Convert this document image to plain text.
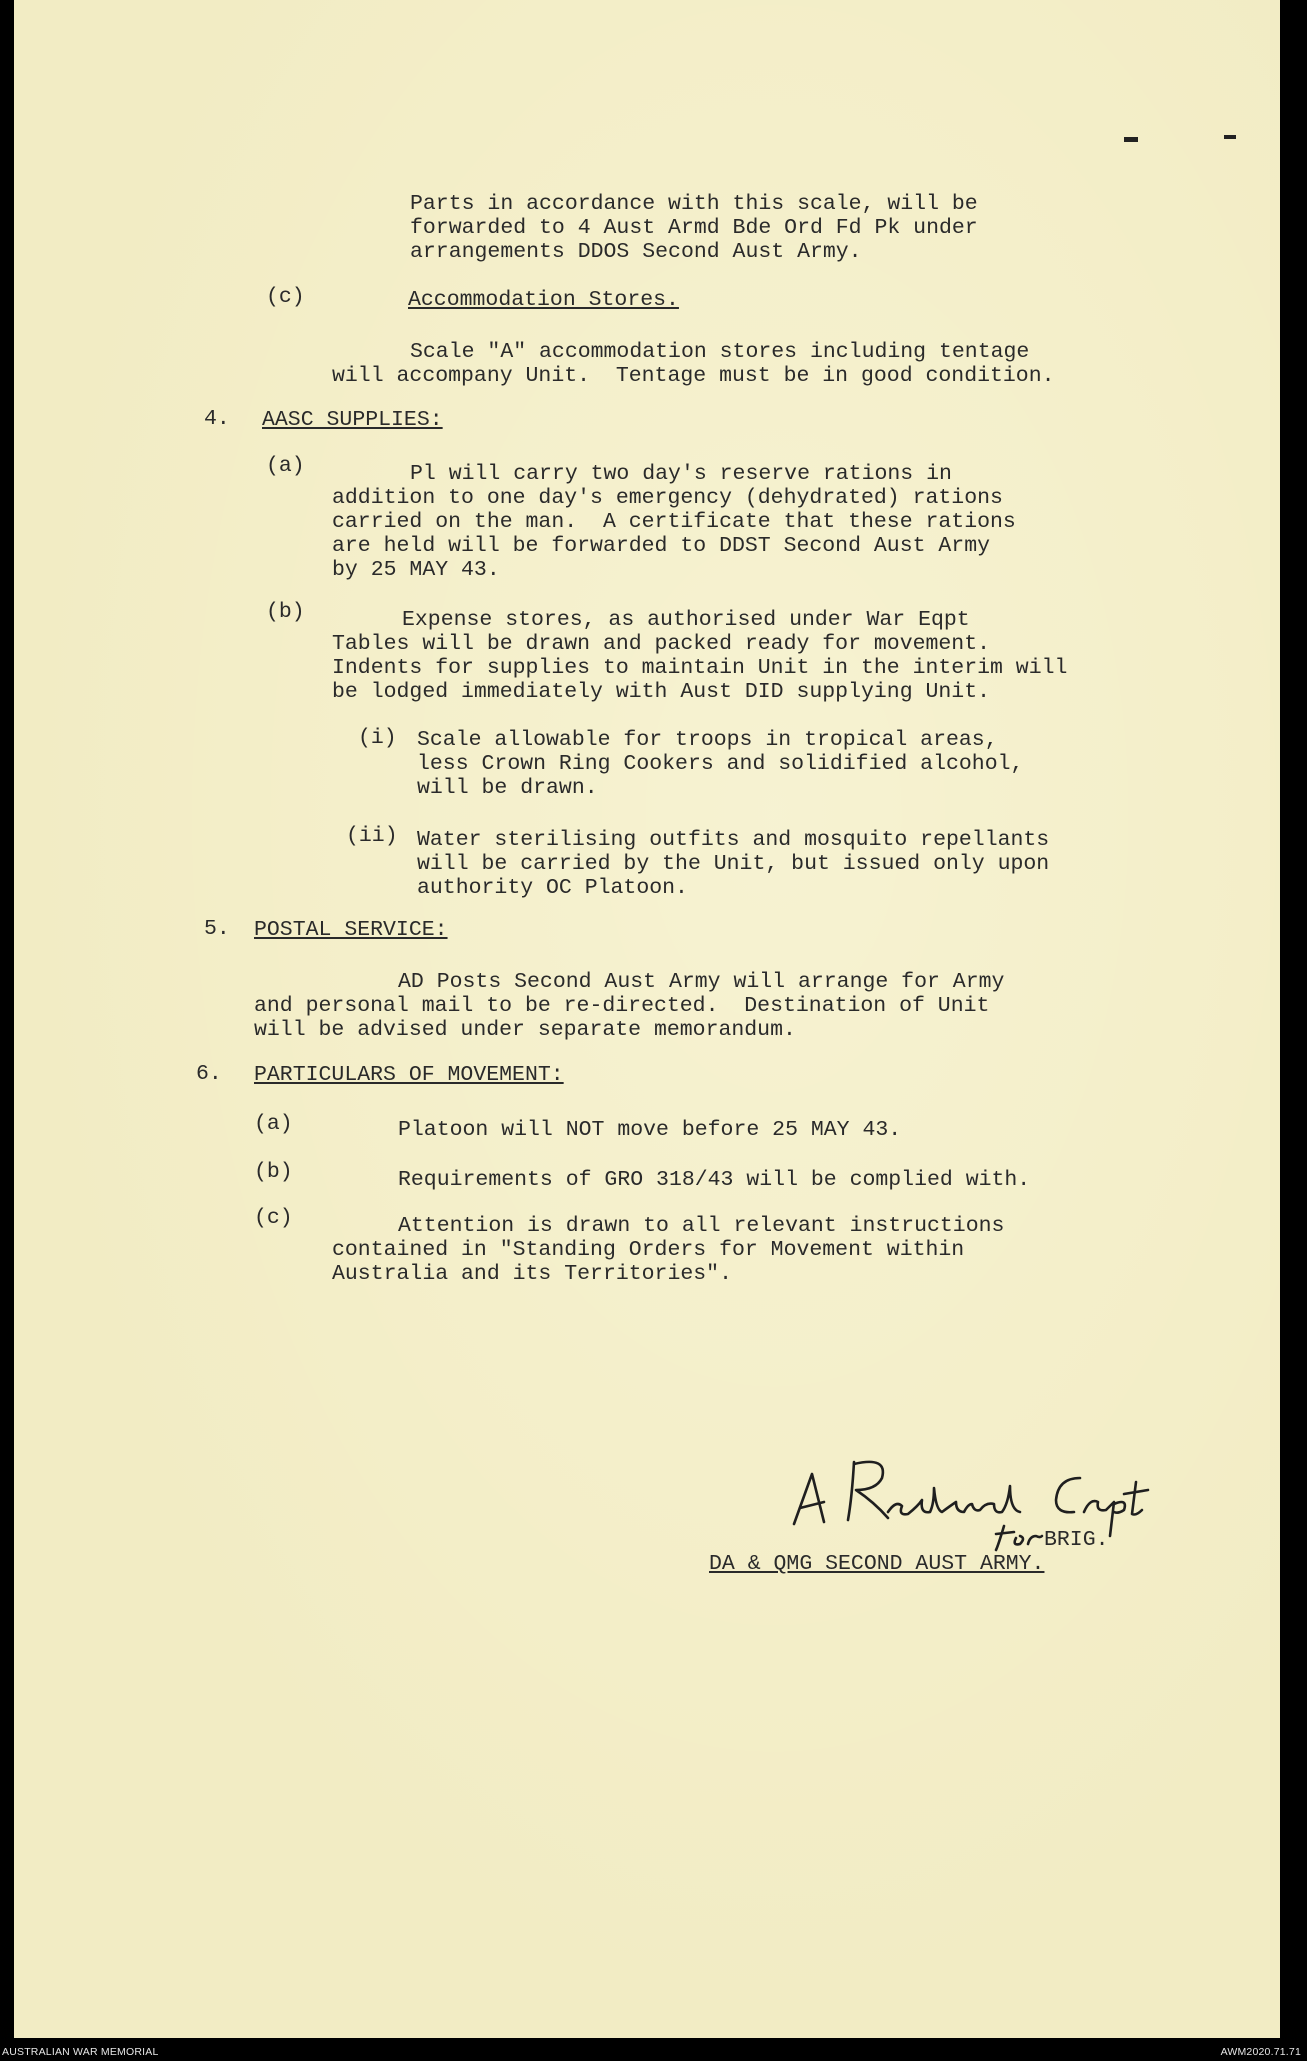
Parts in accordance with this scale, will be
forwarded to 4 Aust Armd Bde Ord Fd Pk under
arrangements DDOS Second Aust Army.
(c)	Accommodation Stores.
Scale "A" accommodation stores including tentage
will accompany Unit.  Tentage must be in good condition.
4. AASC SUPPLIES:
(a)	Pl will carry two day's reserve rations in
addition to one day's emergency (dehydrated) rations
carried on the man.  A certificate that these rations
are held will be forwarded to DDST Second Aust Army
by 25 MAY 43.
(b)	Expense stores, as authorised under War Eqpt
Tables will be drawn and packed ready for movement.
Indents for supplies to maintain Unit in the interim will
be lodged immediately with Aust DID supplying Unit.
(i) Scale allowable for troops in tropical areas,
less Crown Ring Cookers and solidified alcohol,
will be drawn.
(ii) Water sterilising outfits and mosquito repellants
will be carried by the Unit, but issued only upon
authority OC Platoon.
5. POSTAL SERVICE:
AD Posts Second Aust Army will arrange for Army
and personal mail to be re-directed.  Destination of Unit
will be advised under separate memorandum.
6. PARTICULARS OF MOVEMENT:
(a)	Platoon will NOT move before 25 MAY 43.
(b)	Requirements of GRO 318/43 will be complied with.
(c)	Attention is drawn to all relevant instructions
contained in "Standing Orders for Movement within
Australia and its Territories".
BRIG.
DA & QMG SECOND AUST ARMY.
AUSTRALIAN WAR MEMORIAL	AWM2020.71.71
